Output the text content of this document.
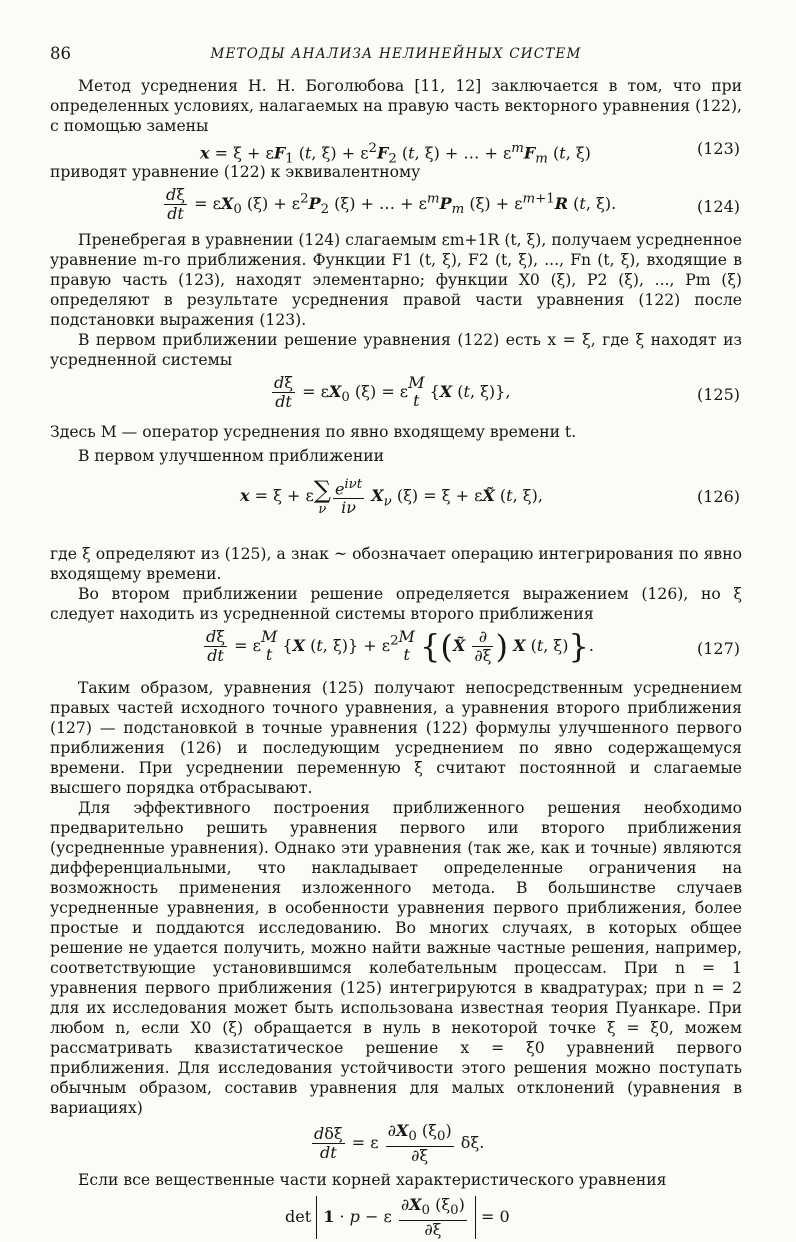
86	МЕТОДЫ АНАЛИЗА НЕЛИНЕЙНЫХ СИСТЕМ

Метод усреднения Н. Н. Боголюбова [11, 12] заключается в том, что при определенных условиях, налагаемых на правую часть векторного уравнения (122), с помощью замены

$x = \xi + \varepsilon F_1$ (t, $\xi) + \varepsilon^2F_2$ (t, ξ) + … + $\varepsilon^mF_m$ (t, ξ)	(123)

приводят уравнение (122) к эквивалентному

$\frac{d\xi}{dt} = \varepsilon X_0$ $(\xi) + \varepsilon^2P_2$ (ξ) + … + $\varepsilon^mP_m$ $(\xi) + \varepsilon^{m+1}R$ (t, ξ).	(124)

Пренебрегая в уравнении (124) слагаемым εm+1R (t, ξ), получаем усредненное уравнение m-го приближения. Функции F1 (t, ξ), F2 (t, ξ), ..., Fn (t, ξ), входящие в правую часть (123), находят элементарно; функции X0 (ξ), P2 (ξ), ..., Pm (ξ) определяют в результате усреднения правой части уравнения (122) после подстановки выражения (123).

В первом приближении решение уравнения (122) есть x = ξ, где ξ находят из усредненной системы

$\frac{d\xi}{dt} = \varepsilon X_0$ (ξ) = ε M
t {X (t, ξ)},	(125)

Здесь M — оператор усреднения по явно входящему времени t.

В первом улучшенном приближении

x = ξ + ε ∑
ν $\frac{e^{i\nu t}}{i\nu} X_\nu$ (ξ) = ξ + εX̃ (t, ξ),	(126)

где ξ определяют из (125), а знак ~ обозначает операцию интегрирования по явно входящему времени.

Во втором приближении решение определяется выражением (126), но ξ следует находить из усредненной системы второго приближения

$\frac{d\xi}{dt} = \varepsilon$ M
t {X (t, $\xi)\} + \varepsilon^2$ M
t {(X̃ $\frac{\partial}{\partial\xi}$ ) X (t, ξ)}.	(127)

Таким образом, уравнения (125) получают непосредственным усреднением правых частей исходного точного уравнения, а уравнения второго приближения (127) — подстановкой в точные уравнения (122) формулы улучшенного первого приближения (126) и последующим усреднением по явно содержащемуся времени. При усреднении переменную ξ считают постоянной и слагаемые высшего порядка отбрасывают.

Для эффективного построения приближенного решения необходимо предварительно решить уравнения первого или второго приближения (усредненные уравнения). Однако эти уравнения (так же, как и точные) являются дифференциальными, что накладывает определенные ограничения на возможность применения изложенного метода. В большинстве случаев усредненные уравнения, в особенности уравнения первого приближения, более простые и поддаются исследованию. Во многих случаях, в которых общее решение не удается получить, можно найти важные частные решения, например, соответствующие установившимся колебательным процессам. При n = 1 уравнения первого приближения (125) интегрируются в квадратурах; при n = 2 для их исследования может быть использована известная теория Пуанкаре. При любом n, если X0 (ξ) обращается в нуль в некоторой точке ξ = ξ0, можем рассматривать квазистатическое решение x = ξ0 уравнений первого приближения. Для исследования устойчивости этого решения можно поступать обычным образом, составив уравнения для малых отклонений (уравнения в вариациях)

$\frac{\text{dδξ}}{dt} = \varepsilon \frac{\partial X_0 (\xi_0)}{\partial\xi} \delta\xi$.

Если все вещественные части корней характеристического уравнения

det 1 · p − ε $\frac{\partial X_0 (\xi_0)}{\partial\xi} = 0$
